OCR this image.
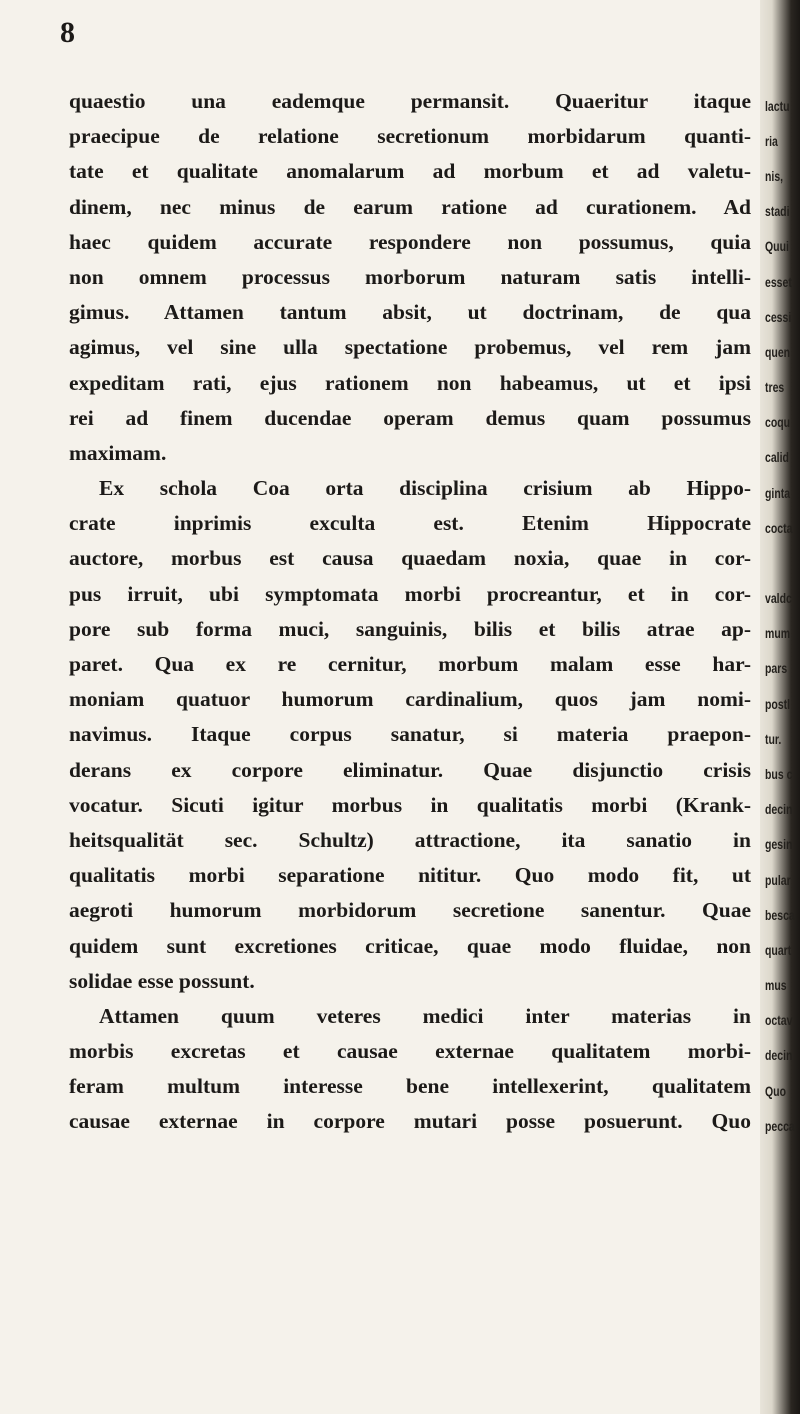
8
quaestio una eademque permansit. Quaeritur itaque
praecipue de relatione secretionum morbidarum quanti-
tate et qualitate anomalarum ad morbum et ad valetu-
dinem, nec minus de earum ratione ad curationem. Ad
haec quidem accurate respondere non possumus, quia
non omnem processus morborum naturam satis intelli-
gimus. Attamen tantum absit, ut doctrinam, de qua
agimus, vel sine ulla spectatione probemus, vel rem jam
expeditam rati, ejus rationem non habeamus, ut et ipsi
rei ad finem ducendae operam demus quam possumus
maximam.
Ex schola Coa orta disciplina crisium ab Hippo-
crate inprimis exculta est. Etenim Hippocrate
auctore, morbus est causa quaedam noxia, quae in cor-
pus irruit, ubi symptomata morbi procreantur, et in cor-
pore sub forma muci, sanguinis, bilis et bilis atrae ap-
paret. Qua ex re cernitur, morbum malam esse har-
moniam quatuor humorum cardinalium, quos jam nomi-
navimus. Itaque corpus sanatur, si materia praepon-
derans ex corpore eliminatur. Quae disjunctio crisis
vocatur. Sicuti igitur morbus in qualitatis morbi (Krank-
heitsqualität sec. Schultz) attractione, ita sanatio in
qualitatis morbi separatione nititur. Quo modo fit, ut
aegroti humorum morbidorum secretione sanentur. Quae
quidem sunt excretiones criticae, quae modo fluidae, non
solidae esse possunt.
Attamen quum veteres medici inter materias in
morbis excretas et causae externae qualitatem morbi-
feram multum interesse bene intellexerint, qualitatem
causae externae in corpore mutari posse posuerunt. Quo
lactu
ria
nis,
stadi
Quui
esset
cessi
quen
tres
coqu
calid
ginta
cocta
valdc
mum
pars
postl
tur.
bus c
decin
gesin
pular
besca
quart
mus
octav
decin
Quo
pecca
